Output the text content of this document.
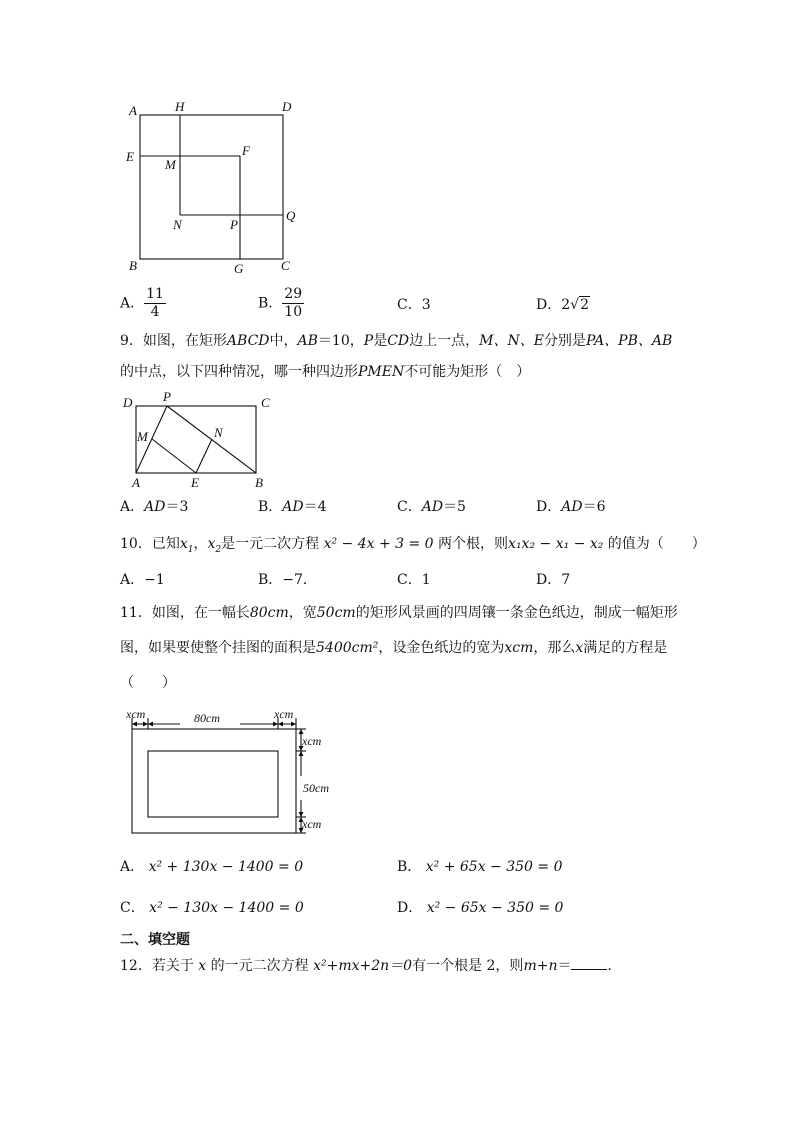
A	H	D
E
M
F
N	P
Q
B	G	C
A． $\frac{11}{4}$	B． $\frac{29}{10}$	C．3	D．2√2
9．如图，在矩形ABCD中，AB＝10，P是CD边上一点，M、N、E分别是PA、PB、AB
的中点，以下四种情况，哪一种四边形PMEN不可能为矩形（　）
D P	C
M	N
A	E	B
A．AD＝3	B．AD＝4	C．AD＝5	D．AD＝6
10．已知$x_1$，$x_2$是一元二次方程 x² − 4x + 3 = 0 两个根，则x₁x₂ − x₁ − x₂ 的值为（　　）
A．−1	B．−7．	C．1	D．7
11．如图，在一幅长80cm，宽50cm的矩形风景画的四周镶一条金色纸边，制成一幅矩形
图，如果要使整个挂图的面积是5400cm²，设金色纸边的宽为xcm，那么x满足的方程是
（　　）
xcm	80cm	xcm
xcm
50cm
xcm
A． x² + 130x − 1400 = 0	B． x² + 65x − 350 = 0
C． x² − 130x − 1400 = 0	D． x² − 65x − 350 = 0
二、填空题
12．若关于 x 的一元二次方程 x²+mx+2n＝0有一个根是 2，则m+n＝	．
